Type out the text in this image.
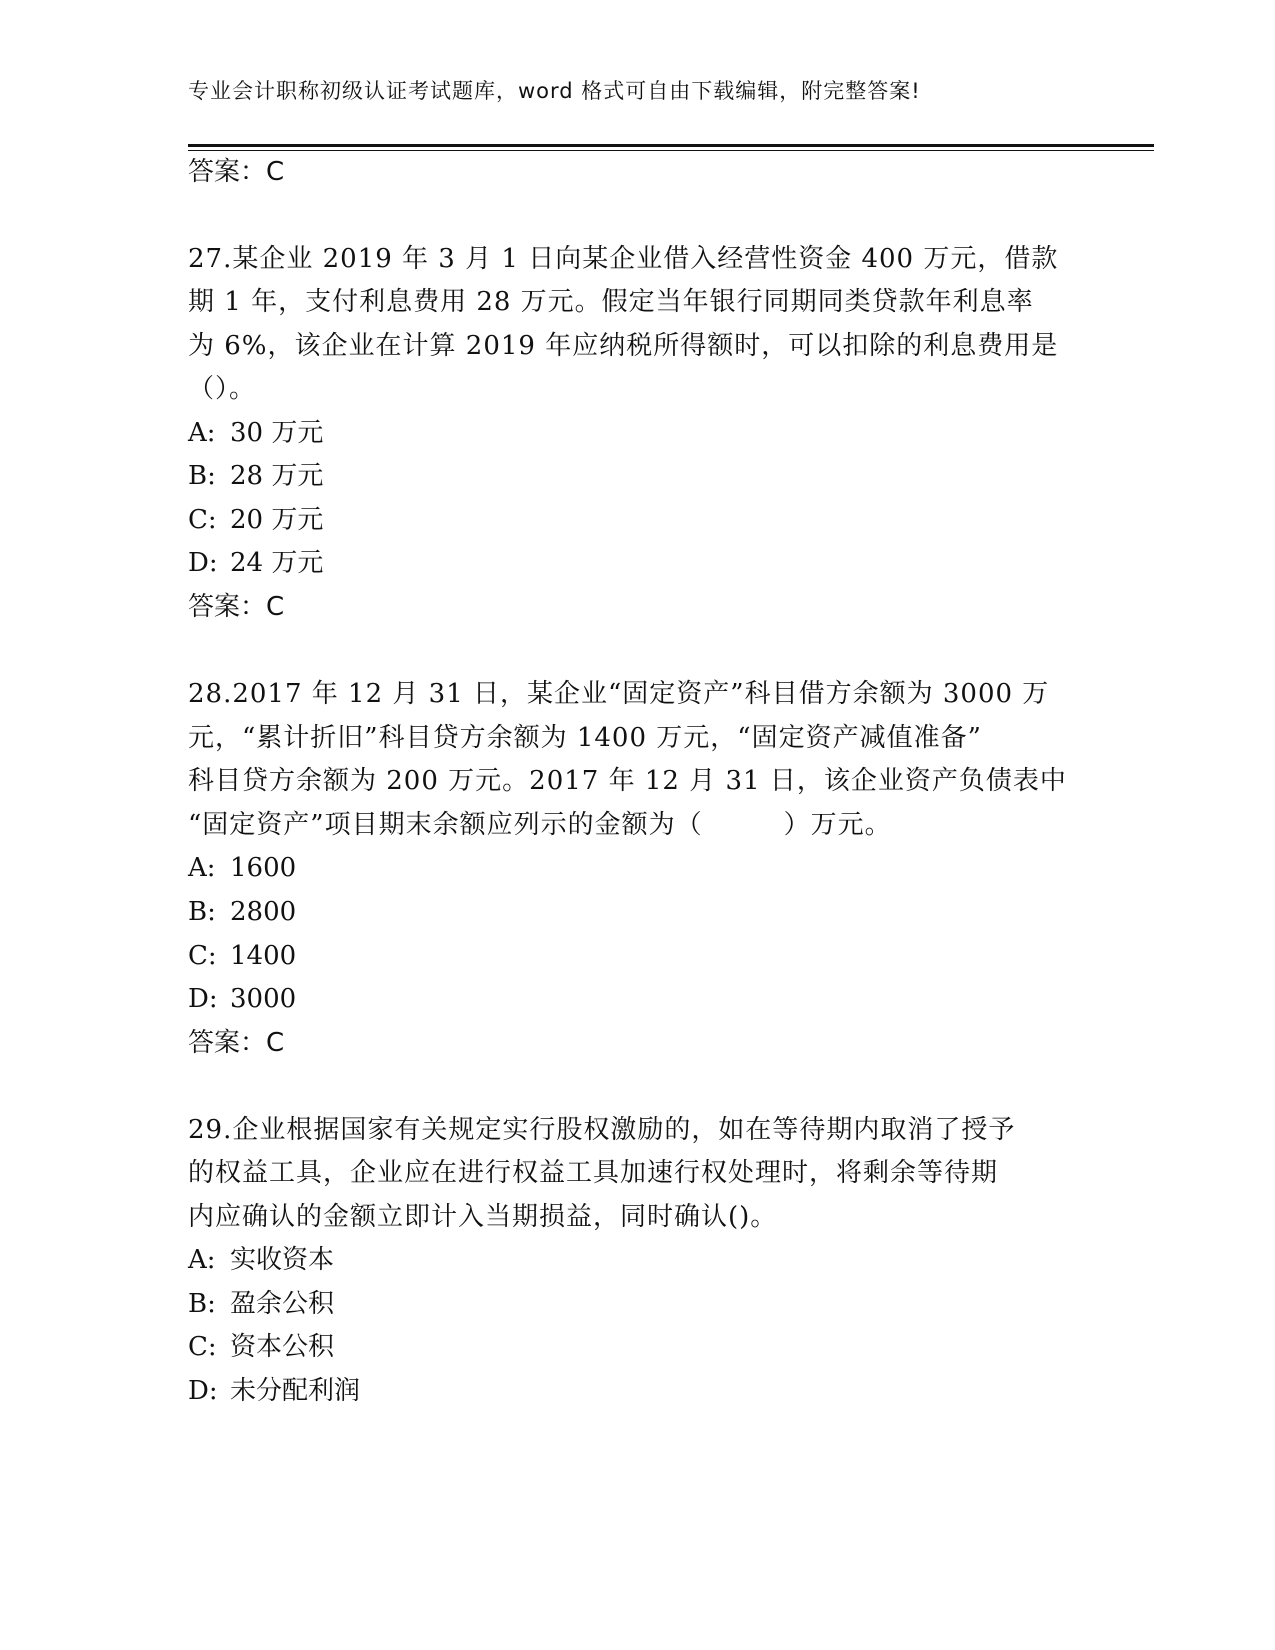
专业会计职称初级认证考试题库，word 格式可自由下载编辑，附完整答案!
答案：C
27.某企业 2019 年 3 月 1 日向某企业借入经营性资金 400 万元，借款
期 1 年，支付利息费用 28 万元。假定当年银行同期同类贷款年利息率
为 6%，该企业在计算 2019 年应纳税所得额时，可以扣除的利息费用是
（）。
A: 30 万元
B: 28 万元
C: 20 万元
D: 24 万元
答案：C
28.2017 年 12 月 31 日，某企业“固定资产”科目借方余额为 3000 万
元，“累计折旧”科目贷方余额为 1400 万元，“固定资产减值准备”
科目贷方余额为 200 万元。2017 年 12 月 31 日，该企业资产负债表中
“固定资产”项目期末余额应列示的金额为（　　　）万元。
A: 1600
B: 2800
C: 1400
D: 3000
答案：C
29.企业根据国家有关规定实行股权激励的，如在等待期内取消了授予
的权益工具，企业应在进行权益工具加速行权处理时，将剩余等待期
内应确认的金额立即计入当期损益，同时确认()。
A: 实收资本
B: 盈余公积
C: 资本公积
D: 未分配利润
